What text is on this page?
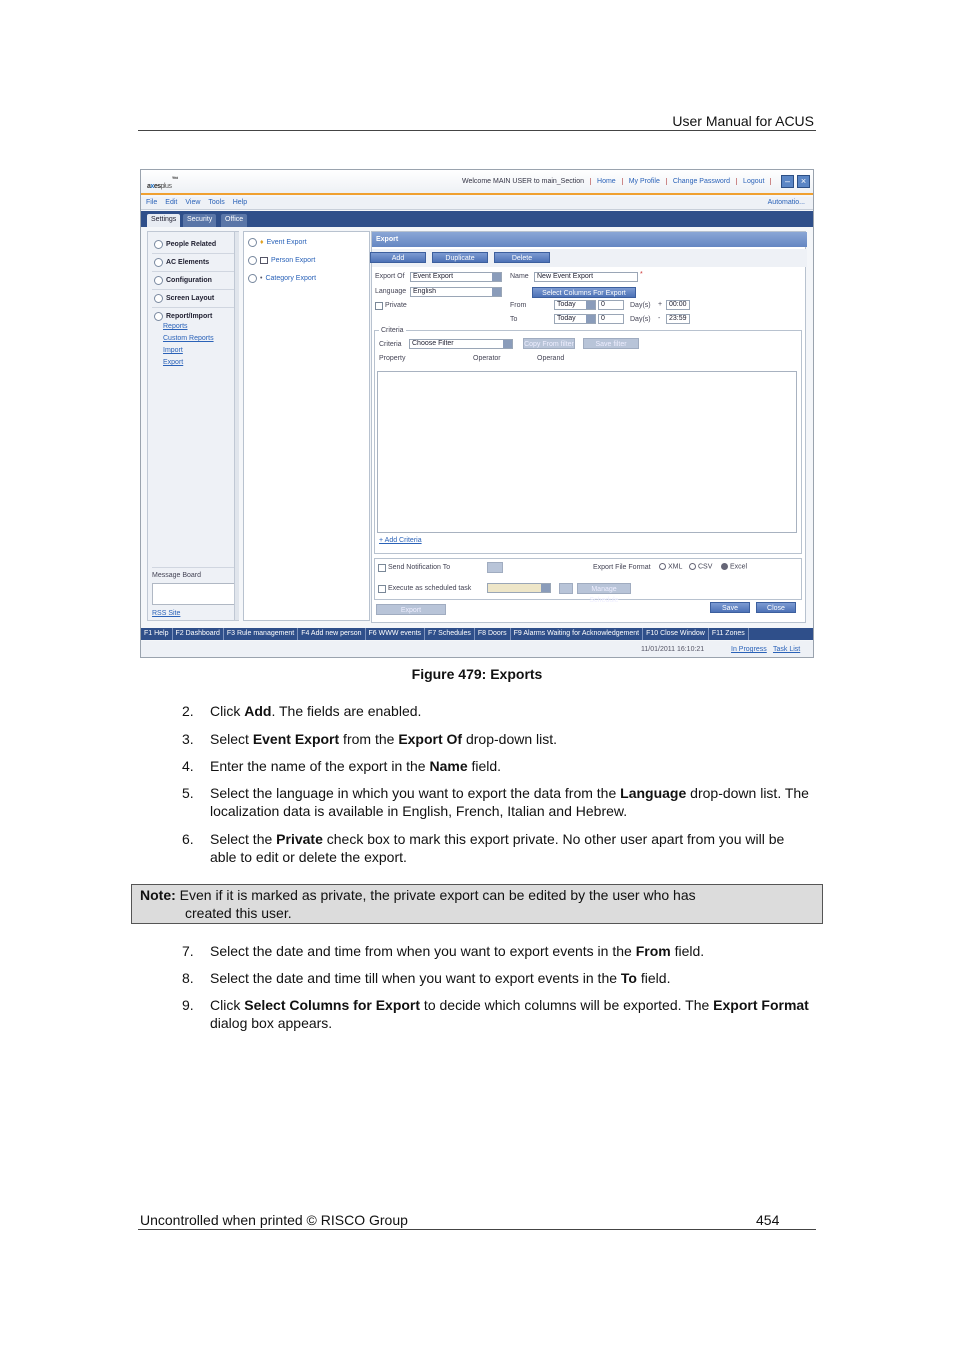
User Manual for ACUS
axesplus™	Welcome MAIN USER to main_Section	Home	My Profile	Change Password	Logout	–	×
File Edit View Tools Help	Automatio...
Settings	Security	Office
People Related
AC Elements
Configuration
Screen Layout
Report/Import
Reports
Custom Reports
Import
Export
Message Board
RSS Site
♦ Event Export
Person Export
• Category Export
Export
Add	Duplicate	Delete
Export Of	Event Export	Name	New Event Export	*
Language English	Select Columns For Export
Private	From	Today	0	Day(s) + 00:00
To	Today	0	Day(s) -	23:59
Criteria
Criteria	Choose Filter	Copy From filter	Save filter
Property	Operator	Operand
+ Add Criteria
Send Notification To	Export File Format	XML	CSV	Excel
Execute as scheduled task	Manage Schedule
Export	Save	Close
F1 Help	F2 Dashboard	F3 Rule management	F4 Add new person	F6 WWW events	F7 Schedules	F8 Doors	F9 Alarms Waiting for Acknowledgement	F10 Close Window	F11 Zones
11/01/2011 16:10:21	In Progress Task List
Figure 479: Exports
2. Click Add. The fields are enabled.
3. Select Event Export from the Export Of drop-down list.
4. Enter the name of the export in the Name field.
5. Select the language in which you want to export the data from the Language drop-down list. The localization data is available in English, French, Italian and Hebrew.
6. Select the Private check box to mark this export private. No other user apart from you will be able to edit or delete the export.
Note: Even if it is marked as private, the private export can be edited by the user who has
created this user.
7. Select the date and time from when you want to export events in the From field.
8. Select the date and time till when you want to export events in the To field.
9. Click Select Columns for Export to decide which columns will be exported. The Export Format dialog box appears.
Uncontrolled when printed © RISCO Group	454
